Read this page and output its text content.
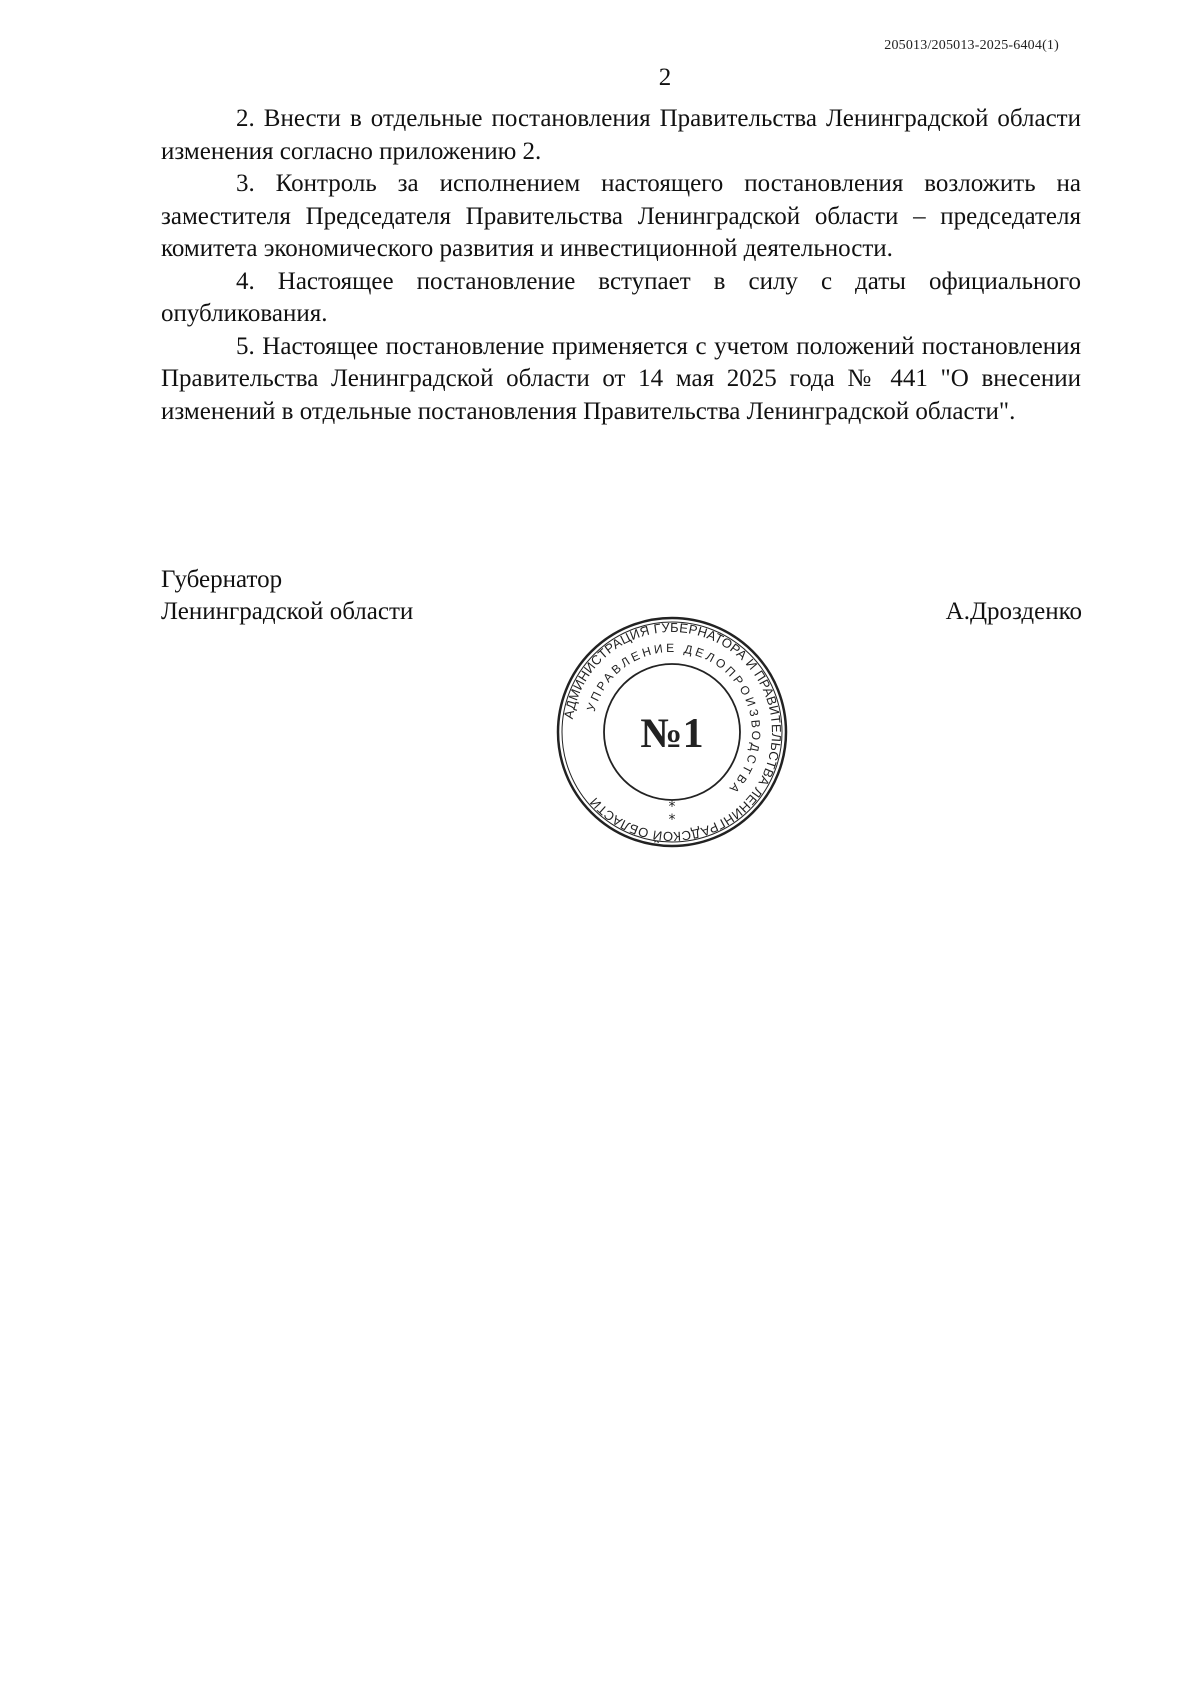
205013/205013-2025-6404(1)
2

2. Внести в отдельные постановления Правительства Ленинградской области изменения согласно приложению 2.

3. Контроль за исполнением настоящего постановления возложить на заместителя Председателя Правительства Ленинградской области – председателя комитета экономического развития и инвестиционной деятельности.

4. Настоящее постановление вступает в силу с даты официального опубликования.

5. Настоящее постановление применяется с учетом положений постановления Правительства Ленинградской области от 14 мая 2025 года № 441 "О внесении изменений в отдельные постановления Правительства Ленинградской области".

Губернатор
Ленинградской области	А.Дрозденко
АДМИНИСТРАЦИЯ ГУБЕРНАТОРА И ПРАВИТЕЛЬСТВА ЛЕНИНГРАДСКОЙ ОБЛАСТИ
УПРАВЛЕНИЕ ДЕЛОПРОИЗВОДСТВА
№1
*
*
